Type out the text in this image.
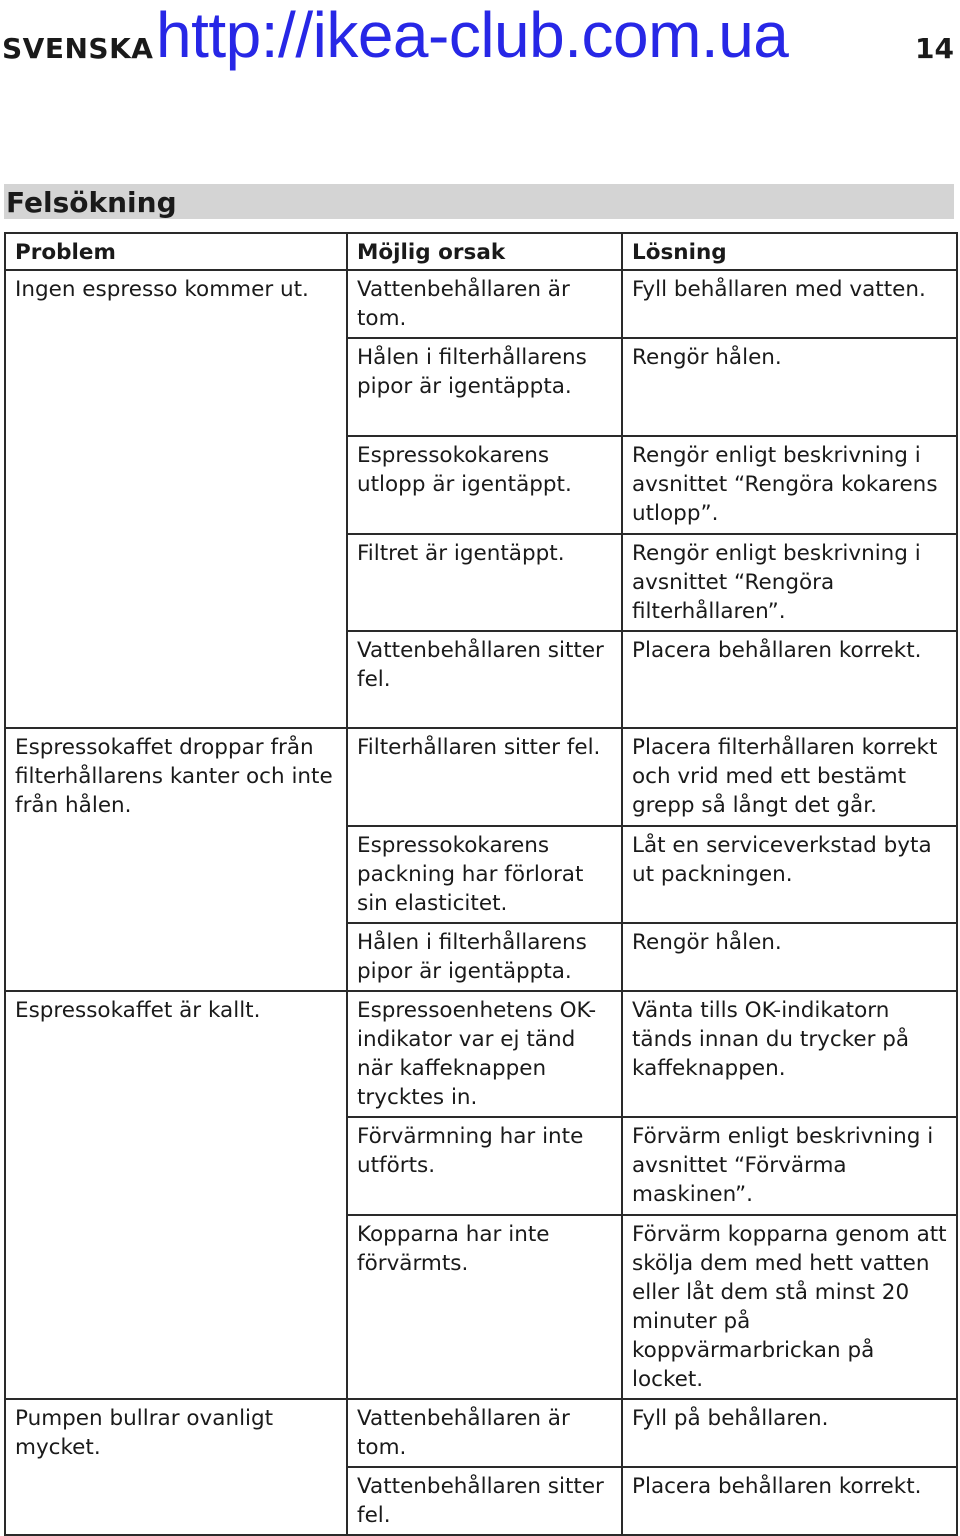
SVENSKA http://ikea-club.com.ua	14
Felsökning
Problem	Möjlig orsak	Lösning
Ingen espresso kommer ut.	Vattenbehållaren är tom.	Fyll behållaren med vatten.
	Hålen i filterhållarens pipor är igentäppta.	Rengör hålen.
	Espressokokarens utlopp är igentäppt.	Rengör enligt beskrivning i avsnittet “Rengöra kokarens utlopp”.
	Filtret är igentäppt.	Rengör enligt beskrivning i avsnittet “Rengöra filterhållaren”.
	Vattenbehållaren sitter fel.	Placera behållaren korrekt.
Espressokaffet droppar från filterhållarens kanter och inte från hålen.	Filterhållaren sitter fel.	Placera filterhållaren korrekt och vrid med ett bestämt grepp så långt det går.
	Espressokokarens packning har förlorat sin elasticitet.	Låt en serviceverkstad byta ut packningen.
	Hålen i filterhållarens pipor är igentäppta.	Rengör hålen.
Espressokaffet är kallt.	Espressoenhetens OK-indikator var ej tänd när kaffeknappen trycktes in.	Vänta tills OK-indikatorn tänds innan du trycker på kaffeknappen.
	Förvärmning har inte utförts.	Förvärm enligt beskrivning i avsnittet “Förvärma maskinen”.
	Kopparna har inte förvärmts.	Förvärm kopparna genom att skölja dem med hett vatten eller låt dem stå minst 20 minuter på koppvärmarbrickan på locket.
Pumpen bullrar ovanligt mycket.	Vattenbehållaren är tom.	Fyll på behållaren.
	Vattenbehållaren sitter fel.	Placera behållaren korrekt.
